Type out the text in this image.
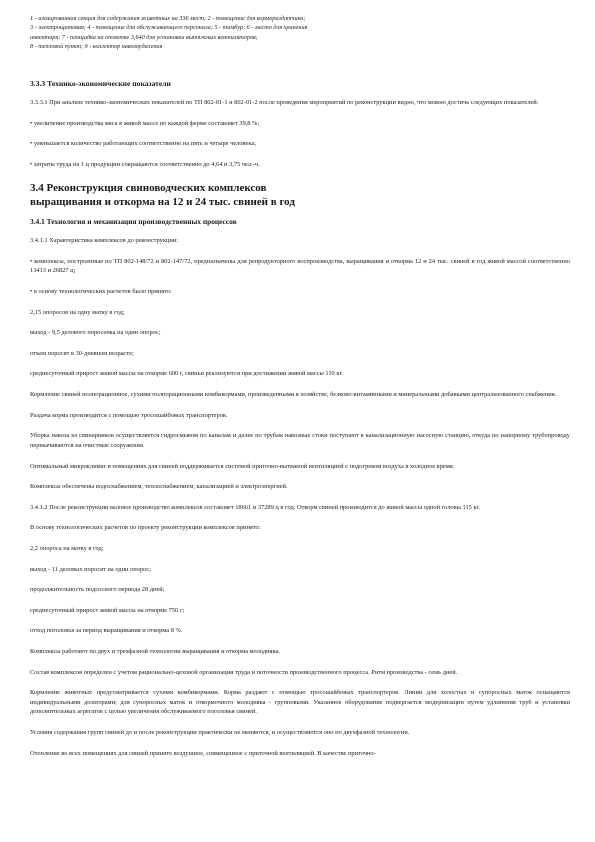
1 - изолированная секция для содержания животных на 336 мест; 2 - помещение для кормораздатчика;
3 - электрощитовая; 4 - помещение для обслуживающего персонала; 5 - тамбур; 6 - место для хранения
инвентаря; 7 - площадка на отметке 3,640 для установки вытяжных вентиляторов;
8 - тепловой пункт; 9 - коллектор навозоудаления
3.3.3 Технико-экономические показатели

3.3.3.1 При анализе технико-экономических показателей по ТП 802-01-1 и 802-01-2 после проведения мероприятий по реконструкции видно, что можно достичь следующих показателей:

• увеличение производства мяса в живой массе по каждой ферме составляет 39,8 %;

• уменьшается количество работающих соответственно на пять и четыре человека;

• затраты труда на 1 ц продукции сокращаются соответственно до 4,64 и 3,75 чел.-ч.

3.4 Реконструкция свиноводческих комплексов
выращивания и откорма на 12 и 24 тыс. свиней в год
3.4.1 Технология и механизация производственных процессов

3.4.1.1 Характеристика комплексов до реконструкции:

• комплексы, построенные по ТП 802-148/72 и 802-147/72, предназначены для репродукторного воспроизводства, выращивания и откорма 12 и 24 тыс. свиней в год живой массой соответственно 13413 и 26827 ц;

• в основу технологических расчетов было принято:

2,15 опоросов на одну матку в год;

выход - 9,5 делового поросенка на один опорос;

отъем поросят в 30-дневном возрасте;

среднесуточный прирост живой массы на откорме 600 г, свиньи реализуются при достижении живой массы 110 кг.

Кормление свиней полнорационное, сухими полнорационными комбикормами, произведенными в хозяйстве, белково-витаминными и минеральными добавками централизованного снабжения.

Раздача корма производится с помощью тросошайбовых транспортеров.

Уборка навоза из свинарников осуществляется гидросмывом по каналам и далее по трубам навозные стоки поступают в канализационную насосную станцию, откуда по напорному трубопроводу перекачиваются на очистные сооружения.

Оптимальный микроклимат в помещениях для свиней поддерживается системой приточно-вытяжной вентиляцией с подогревом воздуха в холодное время.

Комплексы обеспечены водоснабжением, теплоснабжением, канализацией и электроэнергией.

3.4.1.2 После реконструкции валовое производство комплексов составляет 18661 и 37289 ц в год. Откорм свиней производится до живой массы одной головы 115 кг.

В основу технологических расчетов по проекту реконструкции комплексов принято:

2,2 опороса на матку в год;

выход - 11 деловых поросят на один опорос;

продолжительность подсосного периода 28 дней;

среднесуточный прирост живой массы на откорме 750 г;

отход поголовья за период выращивания и откорма 8 %.

Комплексы работают по двух и трехфазной технологии выращивания и откорма молодняка.

Состав комплексов определен с учетом рационально-цеховой организации труда и поточности производственного процесса. Ритм производства - семь дней.

Кормление животных предусматривается сухими комбикормами. Корма раздают с помощью тросошайбовых транспортеров. Линии для холостых и супоросных маток оснащаются индивидуальными дозаторами; для супоросных маток и откормочного молодняка - групповыми. Указанное оборудование подвергается модернизации путем удлинения труб и установки дополнительных агрегатов с целью увеличения обслуживаемого поголовья свиней.

Условия содержания групп свиней до и после реконструкции практически не меняются, и осуществляются оно по двухфазной технологии.

Отопление во всех помещениях для свиней принято воздушное, совмещенное с приточной вентиляцией. В качестве приточно-
